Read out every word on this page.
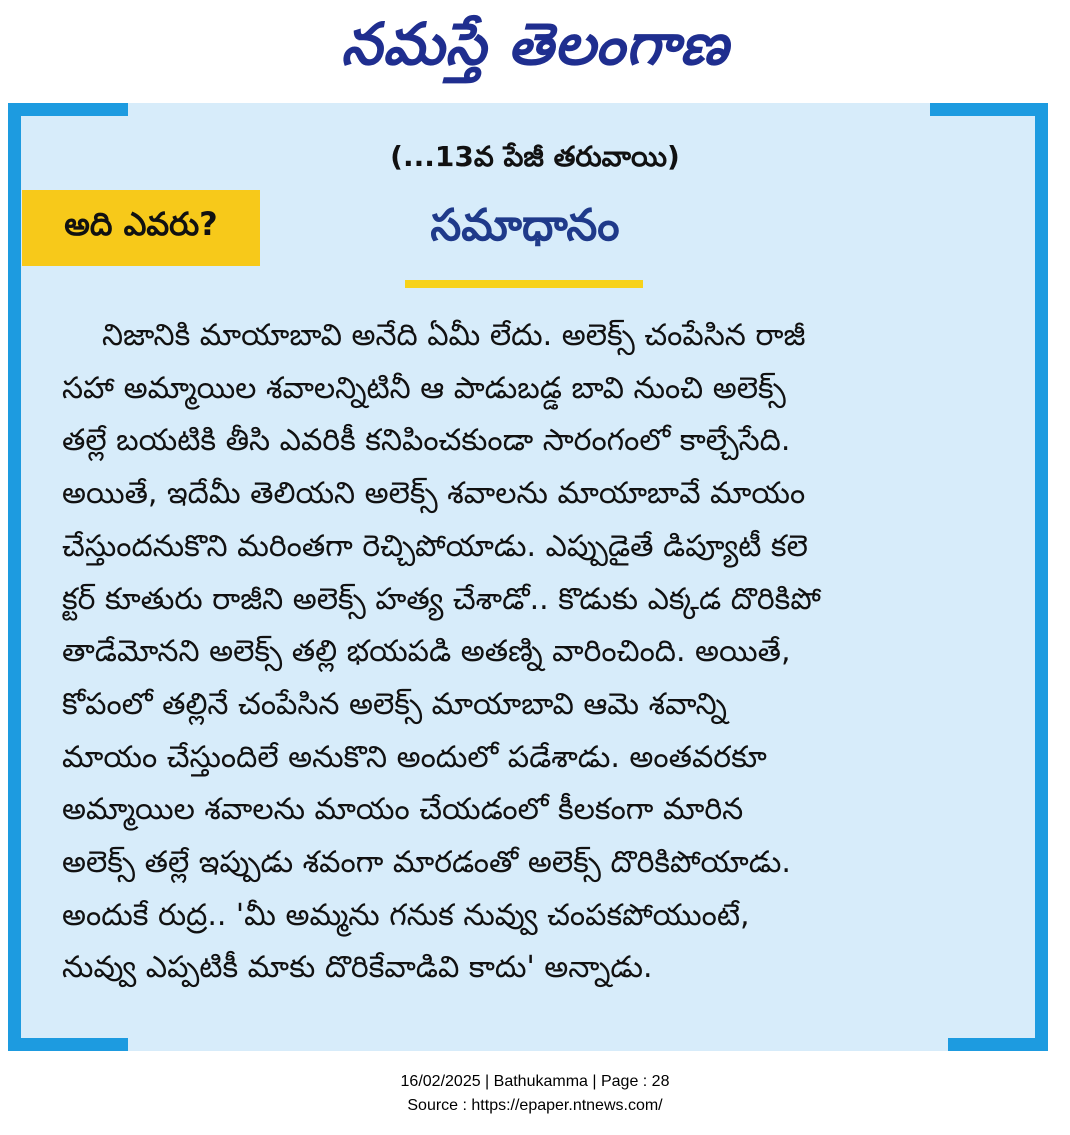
నమస్తే తెలంగాణ
(...13వ పేజీ తరువాయి)
అది ఎవరు?	సమాధానం
నిజానికి మాయాబావి అనేది ఏమీ లేదు. అలెక్స్ చంపేసిన రాజీ
సహా అమ్మాయిల శవాలన్నిటినీ ఆ పాడుబడ్డ బావి నుంచి అలెక్స్
తల్లే బయటికి తీసి ఎవరికీ కనిపించకుండా సారంగంలో కాల్చేసేది.
అయితే, ఇదేమీ తెలియని అలెక్స్ శవాలను మాయాబావే మాయం
చేస్తుందనుకొని మరింతగా రెచ్చిపోయాడు. ఎప్పుడైతే డిప్యూటీ కలె
క్టర్ కూతురు రాజీని అలెక్స్ హత్య చేశాడో.. కొడుకు ఎక్కడ దొరికిపో
తాడేమోనని అలెక్స్ తల్లి భయపడి అతణ్ని వారించింది. అయితే,
కోపంలో తల్లినే చంపేసిన అలెక్స్ మాయాబావి ఆమె శవాన్ని
మాయం చేస్తుందిలే అనుకొని అందులో పడేశాడు. అంతవరకూ
అమ్మాయిల శవాలను మాయం చేయడంలో కీలకంగా మారిన
అలెక్స్ తల్లే ఇప్పుడు శవంగా మారడంతో అలెక్స్ దొరికిపోయాడు.
అందుకే రుద్ర.. 'మీ అమ్మను గనుక నువ్వు చంపకపోయుంటే,
నువ్వు ఎప్పటికీ మాకు దొరికేవాడివి కాదు' అన్నాడు.
16/02/2025 | Bathukamma | Page : 28
Source : https://epaper.ntnews.com/
